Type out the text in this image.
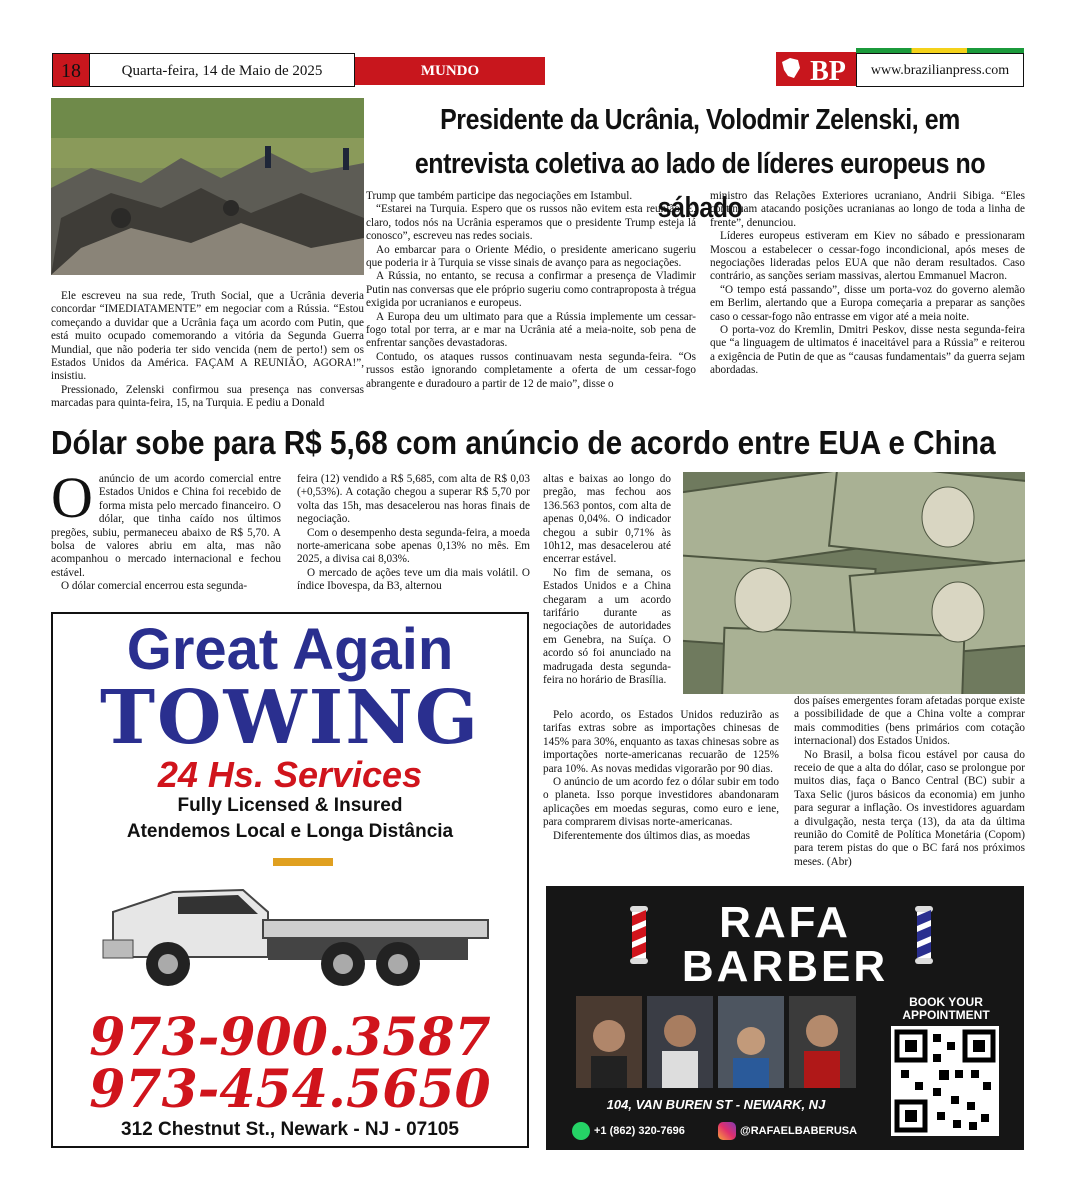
18	Quarta-feira, 14 de Maio de 2025	MUNDO	BP	www.brazilianpress.com
Presidente da Ucrânia, Volodmir Zelenski, em entrevista coletiva ao lado de líderes europeus no sábado

Ele escreveu na sua rede, Truth Social, que a Ucrânia deveria concordar “IMEDIATAMENTE” em negociar com a Rússia. “Estou começando a duvidar que a Ucrânia faça um acordo com Putin, que está muito ocupado comemorando a vitória da Segunda Guerra Mundial, que não poderia ter sido vencida (nem de perto!) sem os Estados Unidos da América. FAÇAM A REUNIÃO, AGORA!”, insistiu.

Pressionado, Zelenski confirmou sua presença nas conversas marcadas para quinta-feira, 15, na Turquia. E pediu a Donald

Trump que também participe das negociações em Istambul.

“Estarei na Turquia. Espero que os russos não evitem esta reunião. E, claro, todos nós na Ucrânia esperamos que o presidente Trump esteja lá conosco”, escreveu nas redes sociais.

Ao embarcar para o Oriente Médio, o presidente americano sugeriu que poderia ir à Turquia se visse sinais de avanço para as negociações.

A Rússia, no entanto, se recusa a confirmar a presença de Vladimir Putin nas conversas que ele próprio sugeriu como contraproposta à trégua exigida por ucranianos e europeus.

A Europa deu um ultimato para que a Rússia implemente um cessar-fogo total por terra, ar e mar na Ucrânia até a meia-noite, sob pena de enfrentar sanções devastadoras.

Contudo, os ataques russos continuavam nesta segunda-feira. “Os russos estão ignorando completamente a oferta de um cessar-fogo abrangente e duradouro a partir de 12 de maio”, disse o

ministro das Relações Exteriores ucraniano, Andrii Sibiga. “Eles continuam atacando posições ucranianas ao longo de toda a linha de frente”, denunciou.

Líderes europeus estiveram em Kiev no sábado e pressionaram Moscou a estabelecer o cessar-fogo incondicional, após meses de negociações lideradas pelos EUA que não deram resultados. Caso contrário, as sanções seriam massivas, alertou Emmanuel Macron.

“O tempo está passando”, disse um porta-voz do governo alemão em Berlim, alertando que a Europa começaria a preparar as sanções caso o cessar-fogo não entrasse em vigor até a meia noite.

O porta-voz do Kremlin, Dmitri Peskov, disse nesta segunda-feira que “a linguagem de ultimatos é inaceitável para a Rússia” e reiterou a exigência de Putin de que as “causas fundamentais” da guerra sejam abordadas.

Dólar sobe para R$ 5,68 com anúncio de acordo entre EUA e China
O anúncio de um acordo comercial entre Estados Unidos e China foi recebido de forma mista pelo mercado financeiro. O dólar, que tinha caído nos últimos pregões, subiu, permaneceu abaixo de R$ 5,70. A bolsa de valores abriu em alta, mas não acompanhou o mercado internacional e fechou estável.

O dólar comercial encerrou esta segunda-

feira (12) vendido a R$ 5,685, com alta de R$ 0,03 (+0,53%). A cotação chegou a superar R$ 5,70 por volta das 15h, mas desacelerou nas horas finais de negociação.

Com o desempenho desta segunda-feira, a moeda norte-americana sobe apenas 0,13% no mês. Em 2025, a divisa cai 8,03%.

O mercado de ações teve um dia mais volátil. O índice Ibovespa, da B3, alternou

altas e baixas ao longo do pregão, mas fechou aos 136.563 pontos, com alta de apenas 0,04%. O indicador chegou a subir 0,71% às 10h12, mas desacelerou até encerrar estável.

No fim de semana, os Estados Unidos e a China chegaram a um acordo tarifário durante as negociações de autoridades em Genebra, na Suíça. O acordo só foi anunciado na madrugada desta segunda-feira no horário de Brasília.

Pelo acordo, os Estados Unidos reduzirão as tarifas extras sobre as importações chinesas de 145% para 30%, enquanto as taxas chinesas sobre as importações norte-americanas recuarão de 125% para 10%. As novas medidas vigorarão por 90 dias.

O anúncio de um acordo fez o dólar subir em todo o planeta. Isso porque investidores abandonaram aplicações em moedas seguras, como euro e iene, para comprarem divisas norte-americanas.

Diferentemente dos últimos dias, as moedas

dos países emergentes foram afetadas porque existe a possibilidade de que a China volte a comprar mais commodities (bens primários com cotação internacional) dos Estados Unidos.

No Brasil, a bolsa ficou estável por causa do receio de que a alta do dólar, caso se prolongue por muitos dias, faça o Banco Central (BC) subir a Taxa Selic (juros básicos da economia) em junho para segurar a inflação. Os investidores aguardam a divulgação, nesta terça (13), da ata da última reunião do Comitê de Política Monetária (Copom) para terem pistas do que o BC fará nos próximos meses. (Abr)

Great Again
TOWING
24 Hs. Services
Fully Licensed & Insured
Atendemos Local e Longa Distância
973-900.3587
973-454.5650
312 Chestnut St., Newark - NJ - 07105
RAFA
BARBER
BOOK YOUR
APPOINTMENT
104, VAN BUREN ST - NEWARK, NJ
+1 (862) 320-7696	@RAFAELBABERUSA
